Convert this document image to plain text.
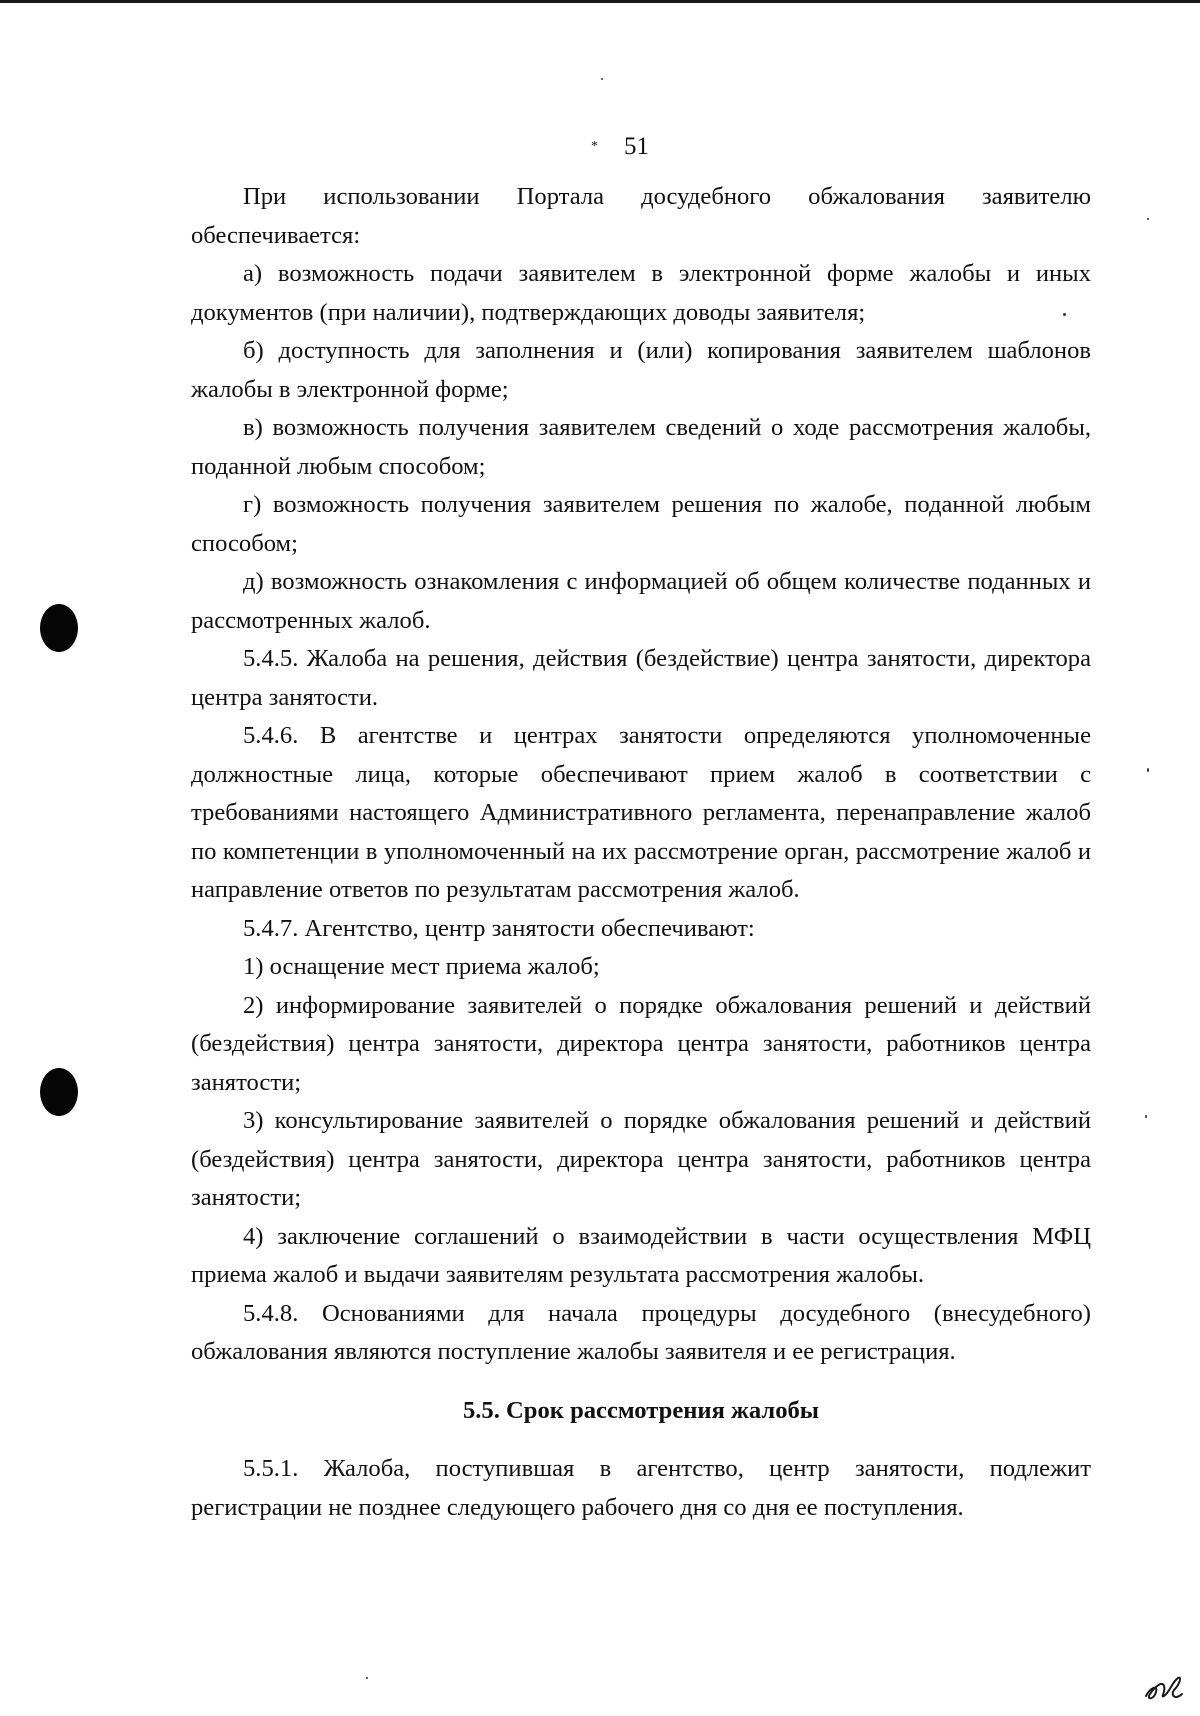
* 51

При использовании Портала досудебного обжалования заявителю обеспечивается:

а) возможность подачи заявителем в электронной форме жалобы и иных документов (при наличии), подтверждающих доводы заявителя;

б) доступность для заполнения и (или) копирования заявителем шаблонов жалобы в электронной форме;

в) возможность получения заявителем сведений о ходе рассмотрения жалобы, поданной любым способом;

г) возможность получения заявителем решения по жалобе, поданной любым способом;

д) возможность ознакомления с информацией об общем количестве поданных и рассмотренных жалоб.

5.4.5. Жалоба на решения, действия (бездействие) центра занятости, директора центра занятости.

5.4.6. В агентстве и центрах занятости определяются уполномоченные должностные лица, которые обеспечивают прием жалоб в соответствии с требованиями настоящего Административного регламента, перенаправление жалоб по компетенции в уполномоченный на их рассмотрение орган, рассмотрение жалоб и направление ответов по результатам рассмотрения жалоб.

5.4.7. Агентство, центр занятости обеспечивают:

1) оснащение мест приема жалоб;

2) информирование заявителей о порядке обжалования решений и действий (бездействия) центра занятости, директора центра занятости, работников центра занятости;

3) консультирование заявителей о порядке обжалования решений и действий (бездействия) центра занятости, директора центра занятости, работников центра занятости;

4) заключение соглашений о взаимодействии в части осуществления МФЦ приема жалоб и выдачи заявителям результата рассмотрения жалобы.

5.4.8. Основаниями для начала процедуры досудебного (внесудебного) обжалования являются поступление жалобы заявителя и ее регистрация.

5.5. Срок рассмотрения жалобы

5.5.1. Жалоба, поступившая в агентство, центр занятости, подлежит регистрации не позднее следующего рабочего дня со дня ее поступления.
